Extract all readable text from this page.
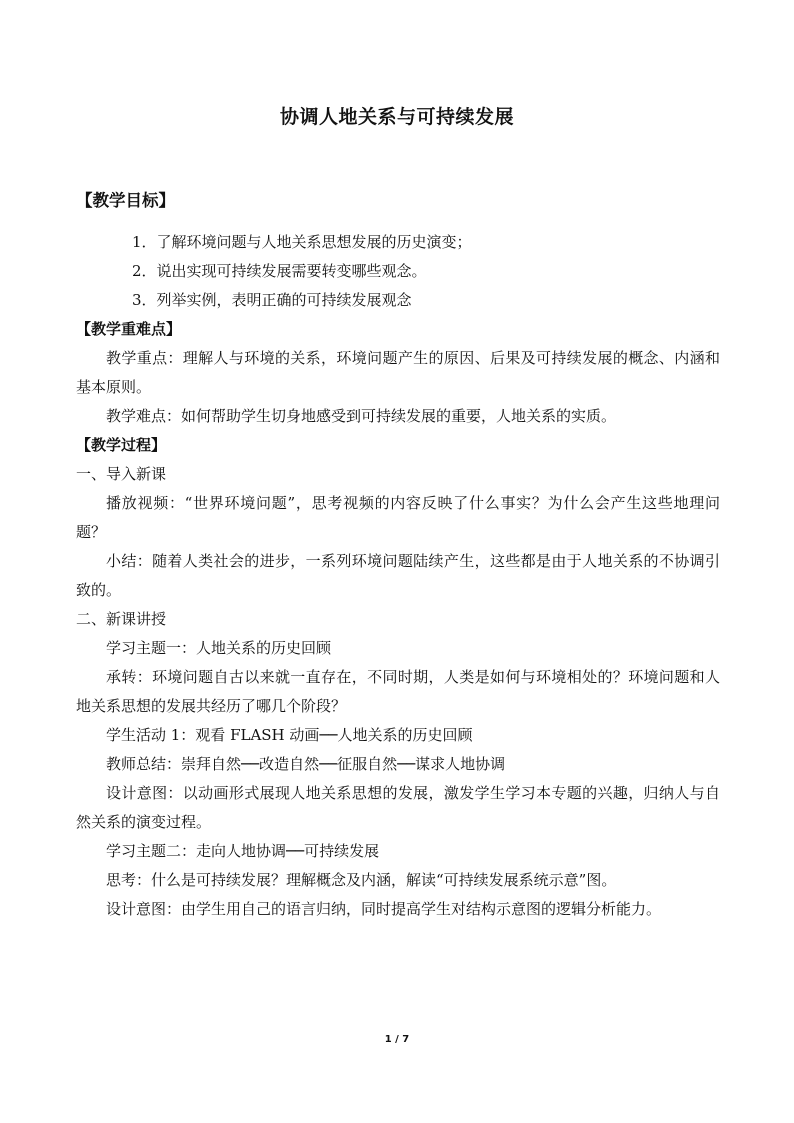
协调人地关系与可持续发展
【教学目标】

1．了解环境问题与人地关系思想发展的历史演变；

2．说出实现可持续发展需要转变哪些观念。

3．列举实例，表明正确的可持续发展观念

【教学重难点】

教学重点：理解人与环境的关系，环境问题产生的原因、后果及可持续发展的概念、内涵和基本原则。

教学难点：如何帮助学生切身地感受到可持续发展的重要，人地关系的实质。

【教学过程】
一、导入新课

播放视频：“世界环境问题”，思考视频的内容反映了什么事实？为什么会产生这些地理问题？

小结：随着人类社会的进步，一系列环境问题陆续产生，这些都是由于人地关系的不协调引致的。

二、新课讲授

学习主题一：人地关系的历史回顾

承转：环境问题自古以来就一直存在，不同时期，人类是如何与环境相处的？环境问题和人地关系思想的发展共经历了哪几个阶段？

学生活动 1：观看 FLASH 动画──人地关系的历史回顾

教师总结：崇拜自然──改造自然──征服自然──谋求人地协调

设计意图：以动画形式展现人地关系思想的发展，激发学生学习本专题的兴趣，归纳人与自然关系的演变过程。

学习主题二：走向人地协调──可持续发展

思考：什么是可持续发展？理解概念及内涵，解读“可持续发展系统示意”图。

设计意图：由学生用自己的语言归纳，同时提高学生对结构示意图的逻辑分析能力。

1 / 7
